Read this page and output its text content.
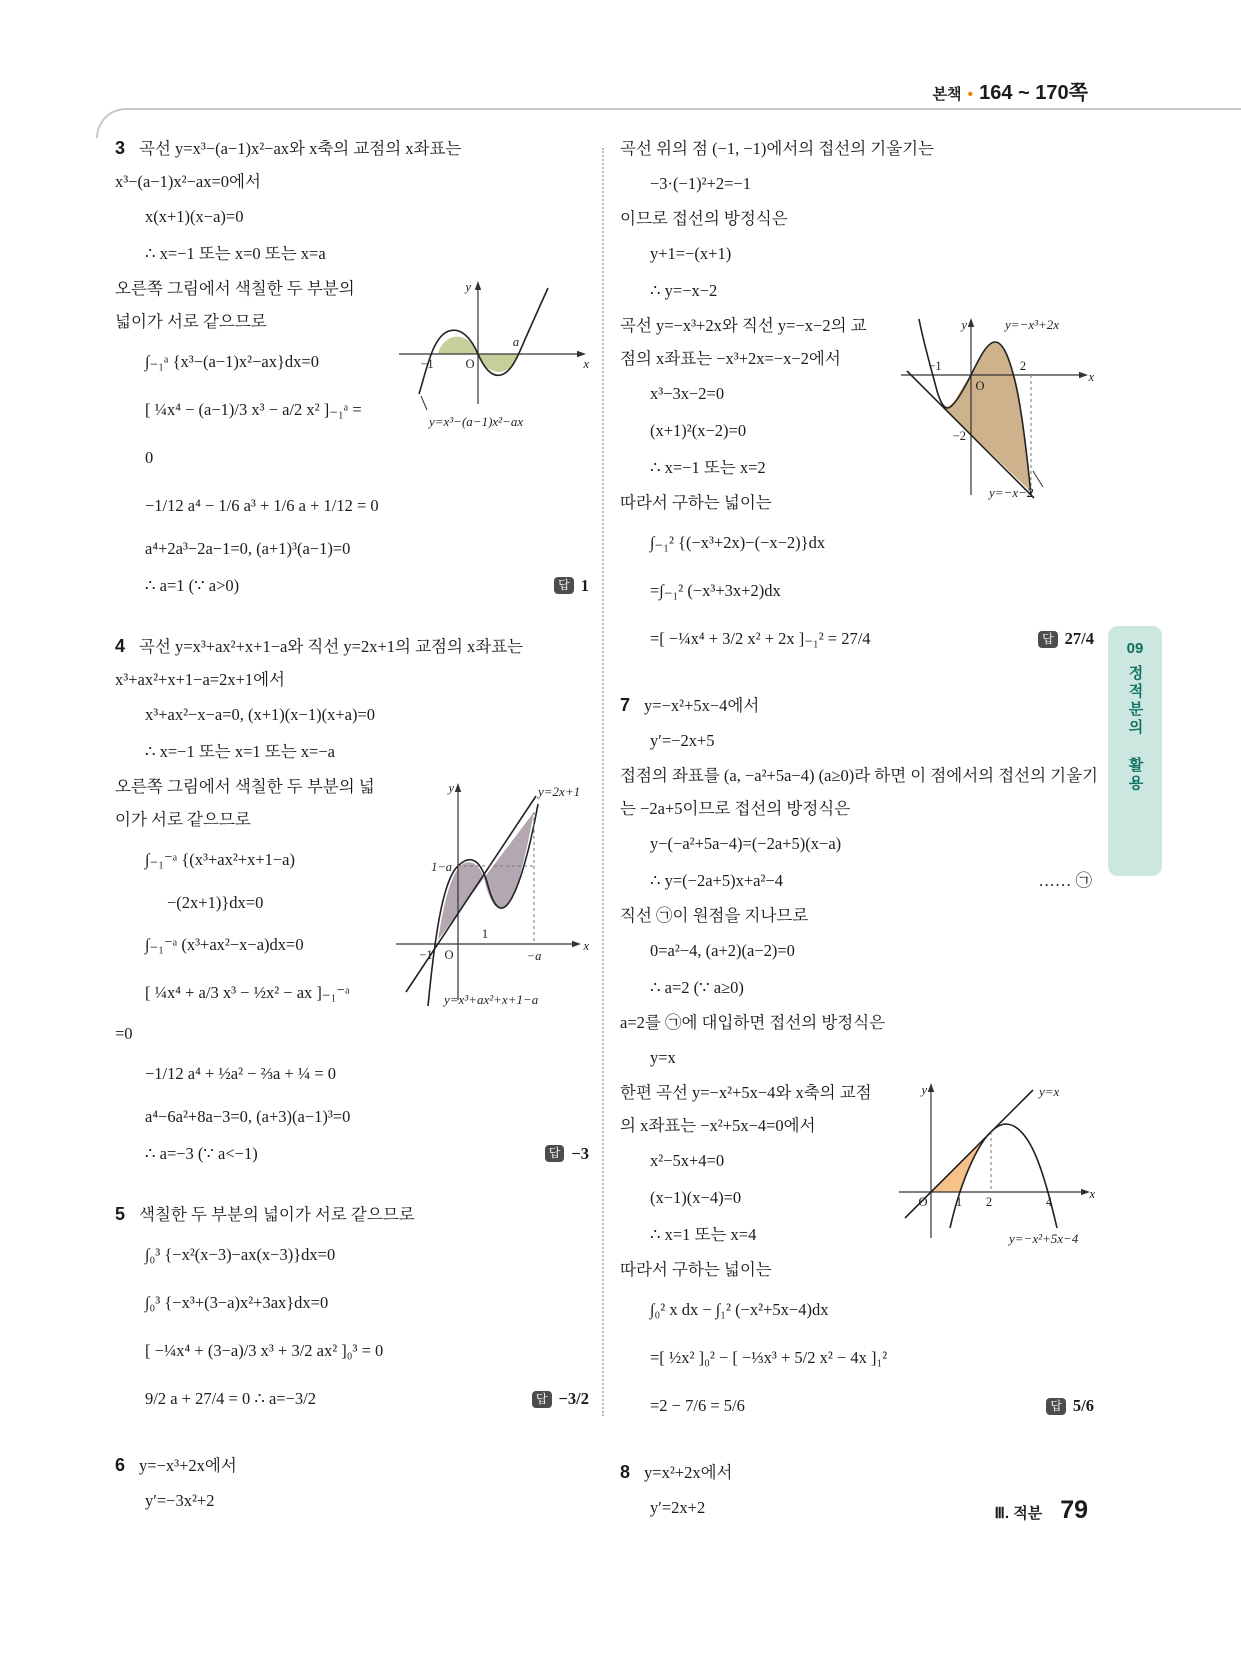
본책 • 164 ~ 170쪽
09
정적분의 활용
3 곡선 y=x³−(a−1)x²−ax와 x축의 교점의 x좌표는
x³−(a−1)x²−ax=0에서
x(x+1)(x−a)=0
∴ x=−1 또는 x=0 또는 x=a
y
x
−1	O
a
y=x³−(a−1)x²−ax
오른쪽 그림에서 색칠한 두 부분의 넓이가 서로 같으므로
∫₋₁ᵃ {x³−(a−1)x²−ax}dx=0
[ ¼x⁴ − (a−1)/3 x³ − a/2 x² ]₋₁ᵃ = 0
−1/12 a⁴ − 1/6 a³ + 1/6 a + 1/12 = 0
a⁴+2a³−2a−1=0, (a+1)³(a−1)=0
∴ a=1 (∵ a>0)	답 1
4 곡선 y=x³+ax²+x+1−a와 직선 y=2x+1의 교점의 x좌표는 x³+ax²+x+1−a=2x+1에서
x³+ax²−x−a=0, (x+1)(x−1)(x+a)=0
∴ x=−1 또는 x=1 또는 x=−a
y	y=2x+1
1−a
−1 O
1
−a
x
y=x³+ax²+x+1−a
오른쪽 그림에서 색칠한 두 부분의 넓이가 서로 같으므로
∫₋₁⁻ᵃ {(x³+ax²+x+1−a)
−(2x+1)}dx=0
∫₋₁⁻ᵃ (x³+ax²−x−a)dx=0
[ ¼x⁴ + a/3 x³ − ½x² − ax ]₋₁⁻ᵃ
=0
−1/12 a⁴ + ½a² − ⅔a + ¼ = 0
a⁴−6a²+8a−3=0, (a+3)(a−1)³=0
∴ a=−3 (∵ a<−1)	답 −3
5 색칠한 두 부분의 넓이가 서로 같으므로
∫₀³ {−x²(x−3)−ax(x−3)}dx=0
∫₀³ {−x³+(3−a)x²+3ax}dx=0
[ −¼x⁴ + (3−a)/3 x³ + 3/2 ax² ]₀³ = 0
9/2 a + 27/4 = 0 ∴ a=−3/2	답 −3/2
6 y=−x³+2x에서
y′=−3x²+2
곡선 위의 점 (−1, −1)에서의 접선의 기울기는
−3·(−1)²+2=−1
이므로 접선의 방정식은
y+1=−(x+1)
∴ y=−x−2
y	y=−x³+2x
−1
O
2
−2
x
y=−x−2
곡선 y=−x³+2x와 직선 y=−x−2의 교점의 x좌표는 −x³+2x=−x−2에서
x³−3x−2=0
(x+1)²(x−2)=0
∴ x=−1 또는 x=2
따라서 구하는 넓이는
∫₋₁² {(−x³+2x)−(−x−2)}dx
=∫₋₁² (−x³+3x+2)dx
=[ −¼x⁴ + 3/2 x² + 2x ]₋₁² = 27/4	답 27/4
7 y=−x²+5x−4에서
y′=−2x+5
접점의 좌표를 (a, −a²+5a−4) (a≥0)라 하면 이 점에서의 접선의 기울기는 −2a+5이므로 접선의 방정식은
y−(−a²+5a−4)=(−2a+5)(x−a)
∴ y=(−2a+5)x+a²−4	…… ㉠
직선 ㉠이 원점을 지나므로
0=a²−4, (a+2)(a−2)=0
∴ a=2 (∵ a≥0)
a=2를 ㉠에 대입하면 접선의 방정식은
y=x
y	y=x
O 1 2	4
x
y=−x²+5x−4
한편 곡선 y=−x²+5x−4와 x축의 교점의 x좌표는 −x²+5x−4=0에서
x²−5x+4=0
(x−1)(x−4)=0
∴ x=1 또는 x=4
따라서 구하는 넓이는
∫₀² x dx − ∫₁² (−x²+5x−4)dx
=[ ½x² ]₀² − [ −⅓x³ + 5/2 x² − 4x ]₁²
=2 − 7/6 = 5/6	답 5/6
8 y=x²+2x에서
y′=2x+2	Ⅲ. 적분 79
